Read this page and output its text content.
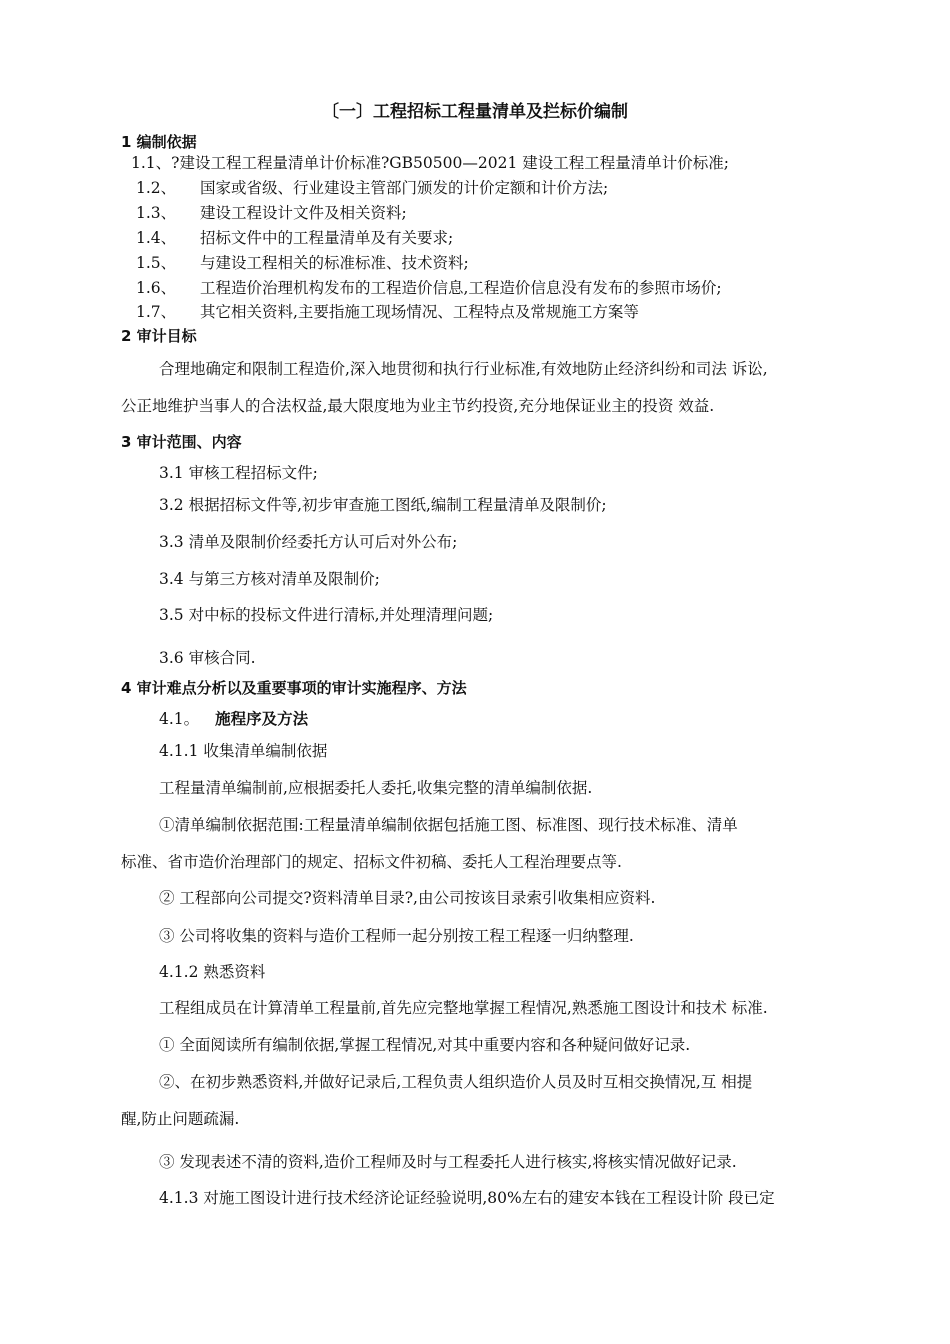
〔一〕工程招标工程量清单及拦标价编制
1 编制依据
1.1、?建设工程工程量清单计价标准?GB50500—2021 建设工程工程量清单计价标准;
1.2、 国家或省级、行业建设主管部门颁发的计价定额和计价方法;
1.3、 建设工程设计文件及相关资料;
1.4、 招标文件中的工程量清单及有关要求;
1.5、 与建设工程相关的标准标准、技术资料;
1.6、 工程造价治理机构发布的工程造价信息,工程造价信息没有发布的参照市场价;
1.7、 其它相关资料,主要指施工现场情况、工程特点及常规施工方案等
2 审计目标
合理地确定和限制工程造价,深入地贯彻和执行行业标准,有效地防止经济纠纷和司法 诉讼,
公正地维护当事人的合法权益,最大限度地为业主节约投资,充分地保证业主的投资 效益.
3 审计范围、内容
3.1 审核工程招标文件;
3.2 根据招标文件等,初步审查施工图纸,编制工程量清单及限制价;
3.3 清单及限制价经委托方认可后对外公布;
3.4 与第三方核对清单及限制价;
3.5 对中标的投标文件进行清标,并处理清理问题;
3.6 审核合同.
4 审计难点分析以及重要事项的审计实施程序、方法
4.1。 施程序及方法
4.1.1 收集清单编制依据
工程量清单编制前,应根据委托人委托,收集完整的清单编制依据.
①清单编制依据范围:工程量清单编制依据包括施工图、标准图、现行技术标准、清单
标准、省市造价治理部门的规定、招标文件初稿、委托人工程治理要点等.
② 工程部向公司提交?资料清单目录?,由公司按该目录索引收集相应资料.
③ 公司将收集的资料与造价工程师一起分别按工程工程逐一归纳整理.
4.1.2 熟悉资料
工程组成员在计算清单工程量前,首先应完整地掌握工程情况,熟悉施工图设计和技术 标准.
① 全面阅读所有编制依据,掌握工程情况,对其中重要内容和各种疑问做好记录.
②、在初步熟悉资料,并做好记录后,工程负责人组织造价人员及时互相交换情况,互 相提
醒,防止问题疏漏.
③ 发现表述不清的资料,造价工程师及时与工程委托人进行核实,将核实情况做好记录.
4.1.3 对施工图设计进行技术经济论证经验说明,80%左右的建安本钱在工程设计阶 段已定
